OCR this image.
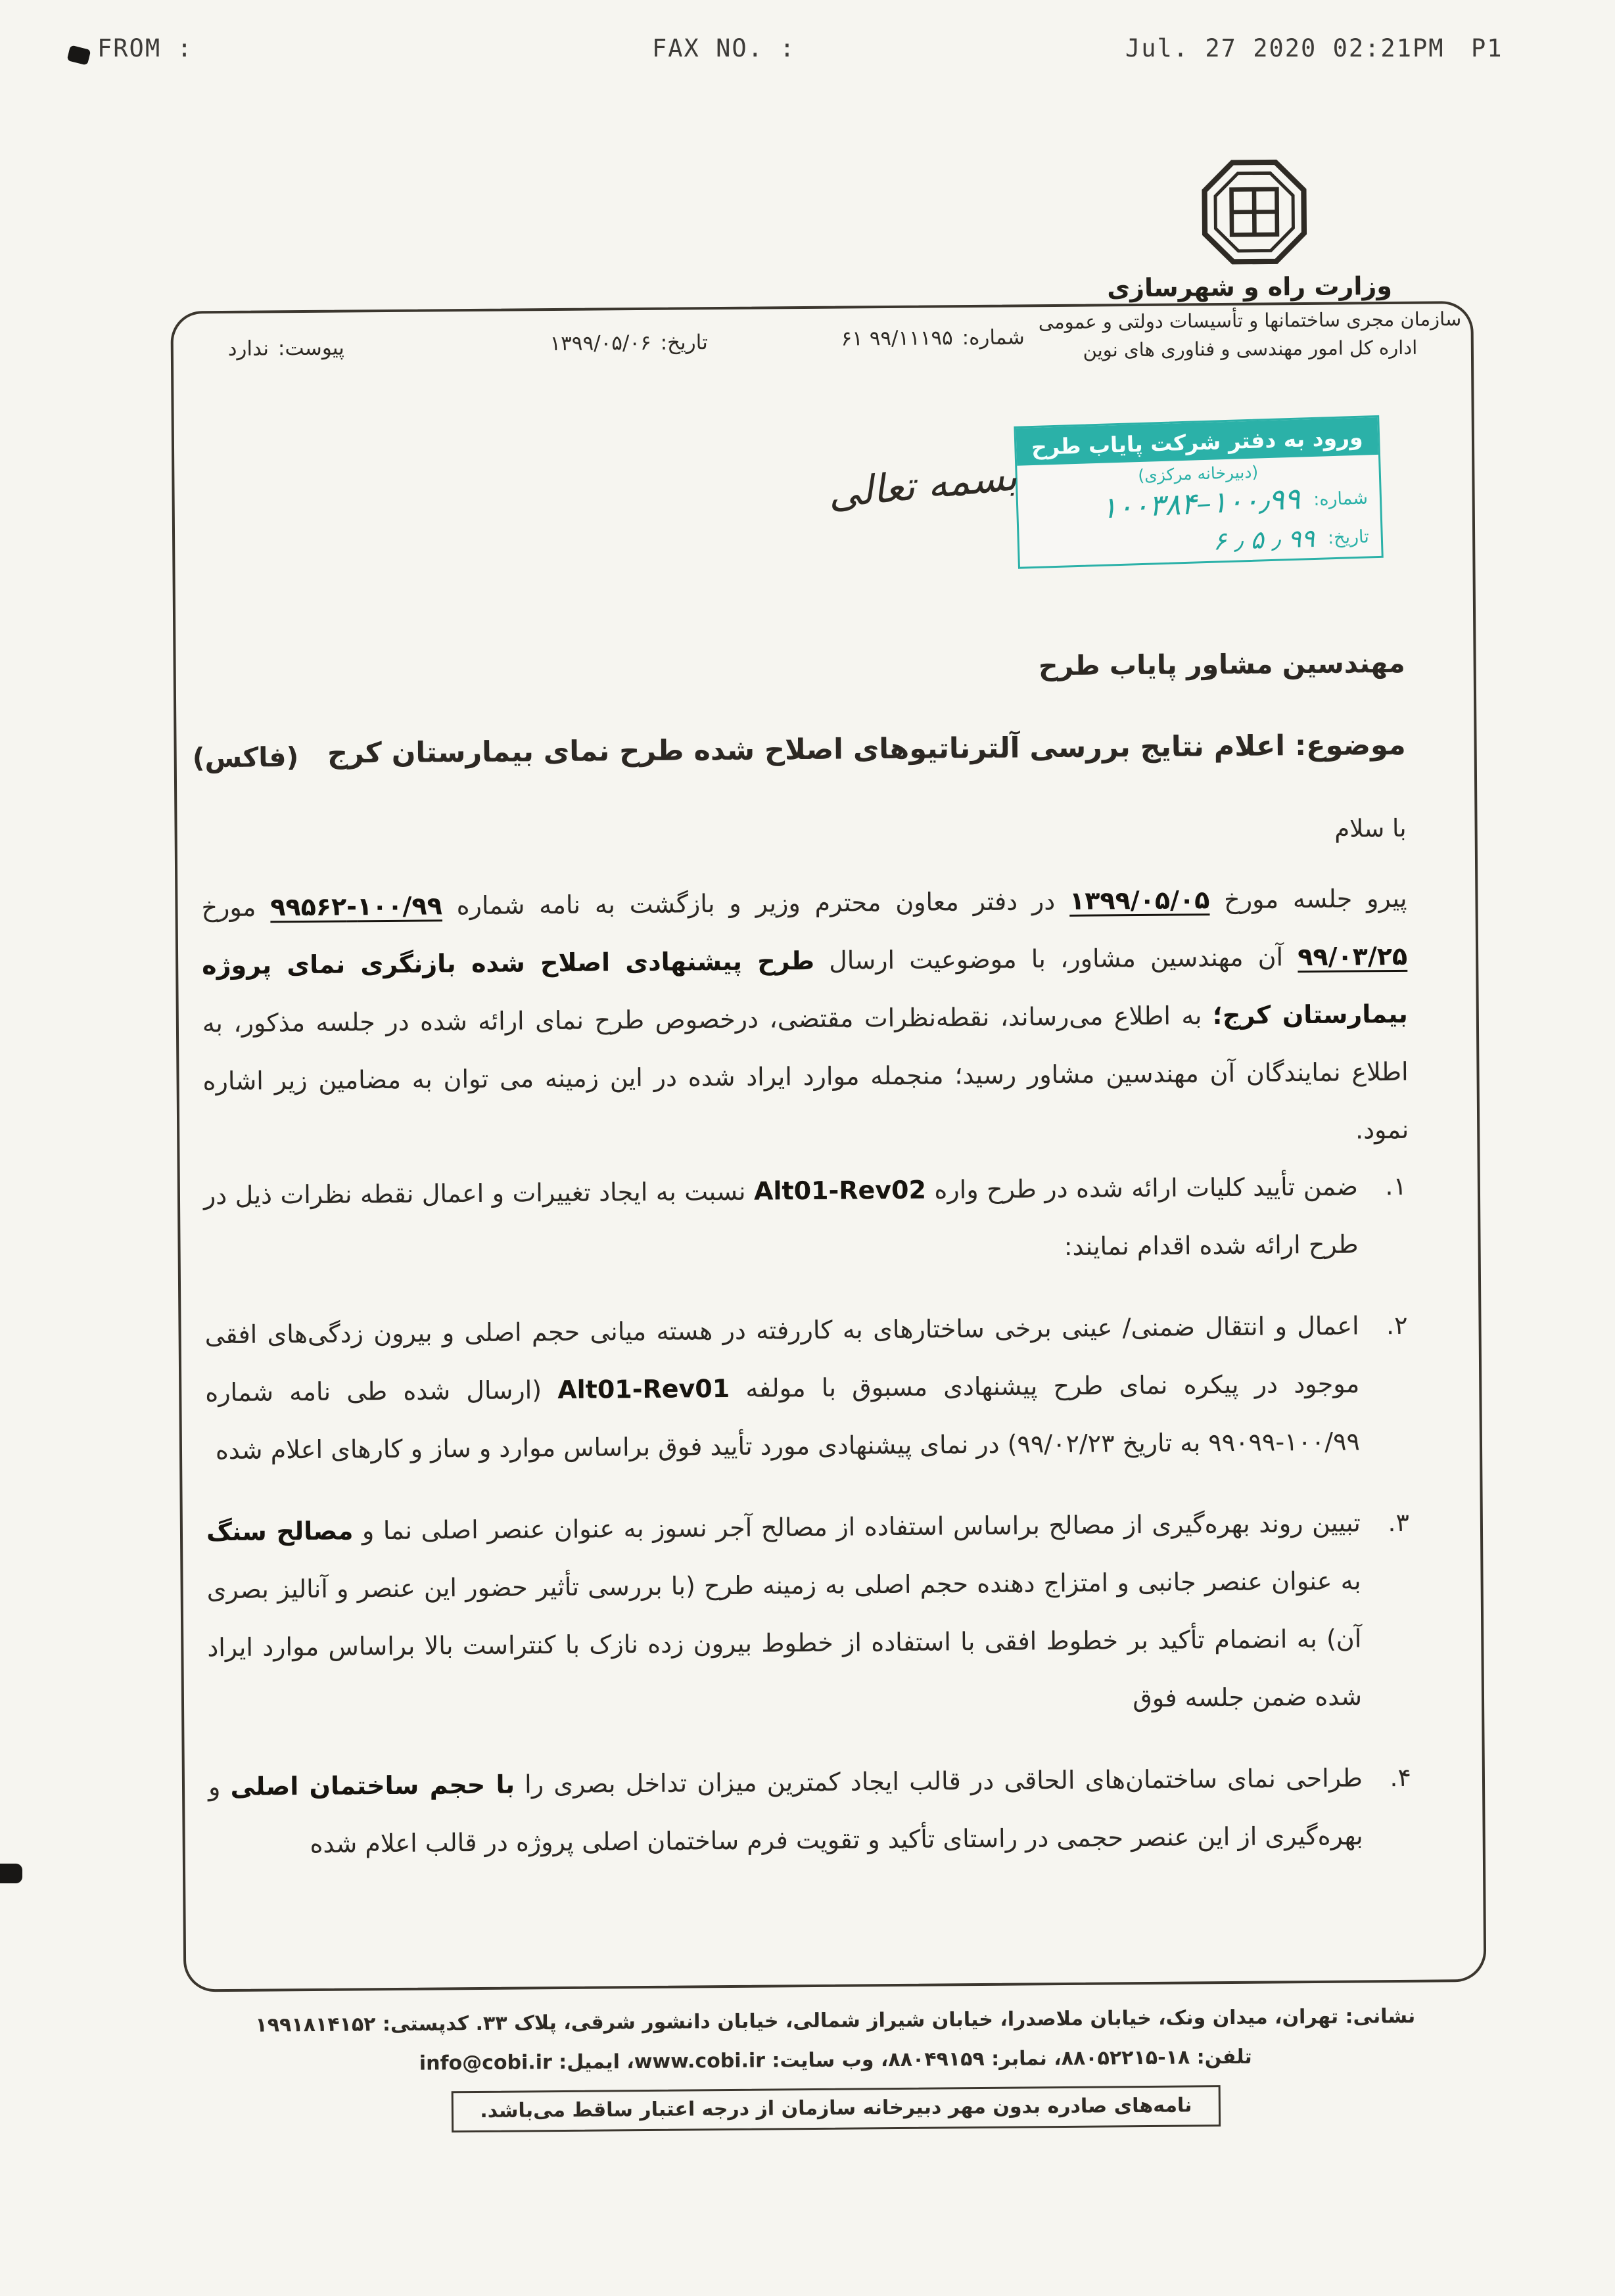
FROM :	FAX NO. :	Jul. 27 2020 02:21PM P1
وزارت راه و شهرسازی
سازمان مجری ساختمانها و تأسیسات دولتی و عمومی
اداره کل امور مهندسی و فناوری های نوین
شماره:۹۹/۱۱۱۹۵ ۶۱
تاریخ:۱۳۹۹/۰۵/۰۶
پیوست:ندارد
ورود به دفتر شرکت پایاب طرح
(دبیرخانه مرکزی)
شماره:
۱۰۰٫۹۹–۱۰۰۳۸۴
تاریخ:
۹۹ ٫ ۵ ٫ ۶
بسمه تعالی
مهندسین مشاور پایاب طرح
موضوع: اعلام نتایج بررسی آلترناتیوهای اصلاح شده طرح نمای بیمارستان کرج
(فاکس)
با سلام
پیرو جلسه مورخ ۱۳۹۹/۰۵/۰۵ در دفتر معاون محترم وزیر و بازگشت به نامه شماره ۱۰۰/۹۹-۹۹۵۶۲ مورخ ۹۹/۰۳/۲۵ آن مهندسین مشاور، با موضوعیت ارسال طرح پیشنهادی اصلاح شده بازنگری نمای پروژه بیمارستان کرج؛ به اطلاع می‌رساند، نقطه‌نظرات مقتضی، درخصوص طرح نمای ارائه شده در جلسه مذکور، به اطلاع نمایندگان آن مهندسین مشاور رسید؛ منجمله موارد ایراد شده در این زمینه می توان به مضامین زیر اشاره نمود.
۱.
ضمن تأیید کلیات ارائه شده در طرح واره Alt01-Rev02 نسبت به ایجاد تغییرات و اعمال نقطه نظرات ذیل در طرح ارائه شده اقدام نمایند:
۲.
اعمال و انتقال ضمنی/ عینی برخی ساختارهای به کاررفته در هسته میانی حجم اصلی و بیرون زدگی‌های افقی موجود در پیکره نمای طرح پیشنهادی مسبوق با مولفه Alt01-Rev01 (ارسال شده طی نامه شماره ۱۰۰/۹۹-۹۹۰۹۹ به تاریخ ۹۹/۰۲/۲۳) در نمای پیشنهادی مورد تأیید فوق براساس موارد و ساز و کارهای اعلام شده
۳.
تبیین روند بهره‌گیری از مصالح براساس استفاده از مصالح آجر نسوز به عنوان عنصر اصلی نما و مصالح سنگ به عنوان عنصر جانبی و امتزاج دهنده حجم اصلی به زمینه طرح (با بررسی تأثیر حضور این عنصر و آنالیز بصری آن) به انضمام تأکید بر خطوط افقی با استفاده از خطوط بیرون زده نازک با کنتراست بالا براساس موارد ایراد شده ضمن جلسه فوق
۴.
طراحی نمای ساختمان‌های الحاقی در قالب ایجاد کمترین میزان تداخل بصری را با حجم ساختمان اصلی و بهره‌گیری از این عنصر حجمی در راستای تأکید و تقویت فرم ساختمان اصلی پروژه در قالب اعلام شده
نشانی: تهران، میدان ونک، خیابان ملاصدرا، خیابان شیراز شمالی، خیابان دانشور شرقی، پلاک ۳۳. کدپستی: ۱۹۹۱۸۱۴۱۵۲
تلفن: ۱۸-۸۸۰۵۲۲۱۵، نمابر: ۸۸۰۴۹۱۵۹، وب سایت: www.cobi.ir، ایمیل: info@cobi.ir
نامه‌های صادره بدون مهر دبیرخانه سازمان از درجه اعتبار ساقط می‌باشد.
